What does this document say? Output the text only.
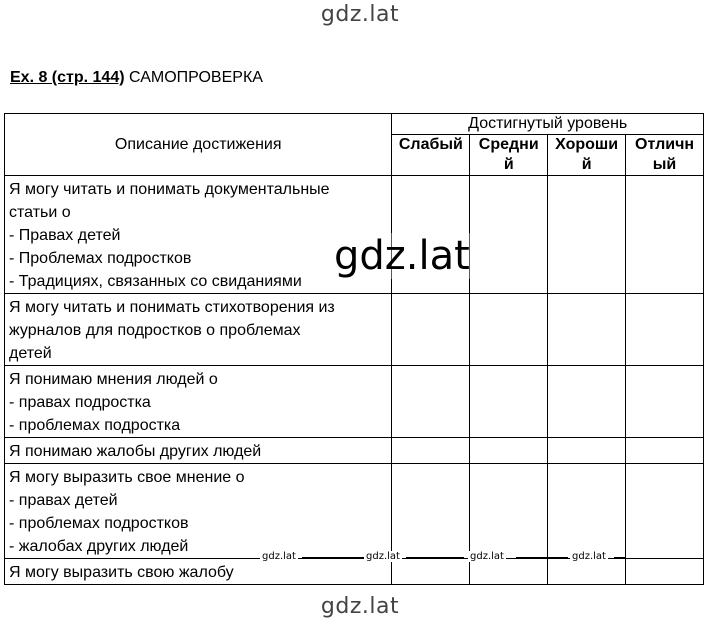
gdz.lat
Ex. 8 (стр. 144) САМОПРОВЕРКА
Описание достижения	Достигнутый уровень			
	Слабый	Средний	Хороший	Отличный

Я могу читать и понимать документальные
статьи о
- Правах детей
- Проблемах подростков
- Традициях, связанных со свиданиями				

Я могу читать и понимать стихотворения из
журналов для подростков о проблемах
детей				

Я понимаю мнения людей о
- правах подростка
- проблемах подростка				

Я понимаю жалобы других людей				

Я могу выразить свое мнение о
- правах детей
- проблемах подростков
- жалобах других людей				

Я могу выразить свою жалобу				

gdz.lat
gdz.lat	gdz.lat	gdz.lat	gdz.lat
gdz.lat
